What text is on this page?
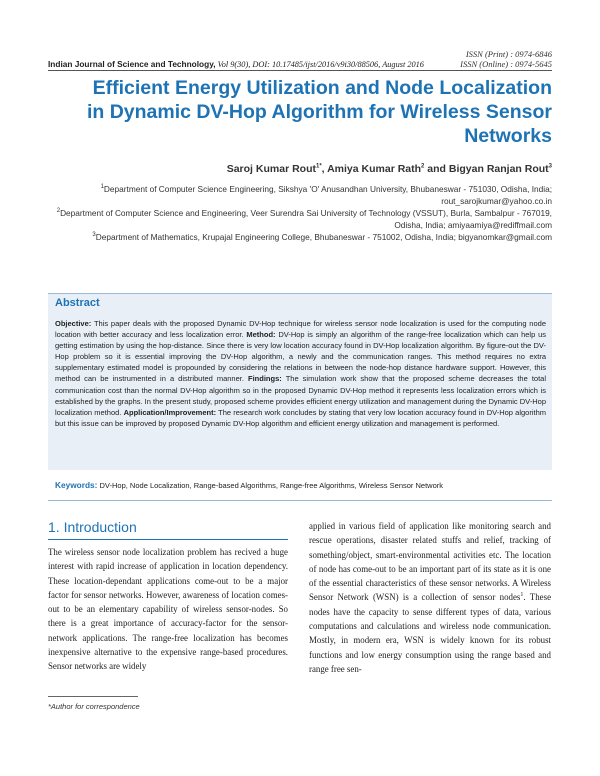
ISSN (Print) : 0974-6846
ISSN (Online) : 0974-5645
Indian Journal of Science and Technology, Vol 9(30), DOI: 10.17485/ijst/2016/v9i30/88506, August 2016
Efficient Energy Utilization and Node Localization in Dynamic DV-Hop Algorithm for Wireless Sensor Networks
Saroj Kumar Rout$^{1*}$, Amiya Kumar Rath$^2$ and Bigyan Ranjan Rout$^3$

$^1$Department of Computer Science Engineering, Sikshya 'O' Anusandhan University, Bhubaneswar - 751030, Odisha, India; rout_sarojkumar@yahoo.co.in

$^2$Department of Computer Science and Engineering, Veer Surendra Sai University of Technology (VSSUT), Burla, Sambalpur - 767019, Odisha, India; amiyaamiya@rediffmail.com

$^3$Department of Mathematics, Krupajal Engineering College, Bhubaneswar - 751002, Odisha, India; bigyanomkar@gmail.com

Abstract
Objective: This paper deals with the proposed Dynamic DV-Hop technique for wireless sensor node localization is used for the computing node location with better accuracy and less localization error. Method: DV-Hop is simply an algorithm of the range-free localization which can help us getting estimation by using the hop-distance. Since there is very low location accuracy found in DV-Hop localization algorithm. By figure-out the DV-Hop problem so it is essential improving the DV-Hop algorithm, a newly and the communication ranges. This method requires no extra supplementary estimated model is propounded by considering the relations in between the node-hop distance hardware support. However, this method can be instrumented in a distributed manner. Findings: The simulation work show that the proposed scheme decreases the total communication cost than the normal DV-Hop algorithm so in the proposed Dynamic DV-Hop method it represents less localization errors which is established by the graphs. In the present study, proposed scheme provides efficient energy utilization and management during the Dynamic DV-Hop localization method. Application/Improvement: The research work concludes by stating that very low location accuracy found in DV-Hop algorithm but this issue can be improved by proposed Dynamic DV-Hop algorithm and efficient energy utilization and management is performed.
Keywords: DV-Hop, Node Localization, Range-based Algorithms, Range-free Algorithms, Wireless Sensor Network
1. Introduction

The wireless sensor node localization problem has recived a huge interest with rapid increase of application in location dependency. These location-dependant applications come-out to be a major factor for sensor networks. However, awareness of location comes-out to be an elementary capability of wireless sensor-nodes. So there is a great importance of accuracy-factor for the sensor-network applications. The range-free localization has becomes inexpensive alternative to the expensive range-based procedures. Sensor networks are widely

applied in various field of application like monitoring search and rescue operations, disaster related stuffs and relief, tracking of something/object, smart-environmental activities etc. The location of node has come-out to be an important part of its state as it is one of the essential characteristics of these sensor networks. A Wireless Sensor Network (WSN) is a collection of sensor nodes$^1$. These nodes have the capacity to sense different types of data, various computations and calculations and wireless node communication. Mostly, in modern era, WSN is widely known for its robust functions and low energy consumption using the range based and range free sen-

*Author for correspondence
